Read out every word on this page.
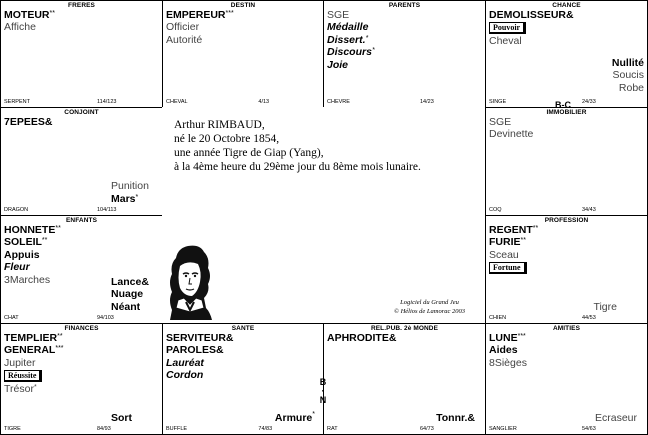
FRERES
MOTEUR**
Affiche
SERPENT	114/123
DESTIN
EMPEREUR***
Officier
Autorité
CHEVAL	4/13
PARENTS
SGE
Médaille
Dissert.*
Discours*
Joie
CHEVRE	14/23
CHANCE
DEMOLISSEUR&
Pouvoir
Cheval
Nullité
Soucis
Robe
SINGE	24/33
CONJOINT
7EPEES&
Punition
Mars*
DRAGON	104/113
IMMOBILIER
SGE
Devinette
COQ	34/43
ENFANTS
HONNETE**
SOLEIL**
Appuis
Fleur
3Marches	Lance&
Nuage
Néant
CHAT	94/103
PROFESSION
REGENT**
FURIE**
Sceau
Fortune
Tigre
CHIEN	44/53
FINANCES
TEMPLIER**
GENERAL***
Jupiter
Réussite
Trésor*
Sort
TIGRE	84/93
SANTE
SERVITEUR&
PAROLES&
Lauréat
Cordon
Armure*
BUFFLE	74/83
REL.PUB. 2è MONDE
APHRODITE&
Tonnr.&
RAT	64/73
AMITIES
LUNE***
Aides
8Sièges
Ecraseur
SANGLIER	54/63
Arthur RIMBAUD,
né le 20 Octobre 1854,
une année Tigre de Giap (Yang),
à la 4ème heure du 29ème jour du 8ème mois lunaire.
Logiciel du Grand Jeu
© Hélios de Lamorac 2003
B-C
B
·
N
